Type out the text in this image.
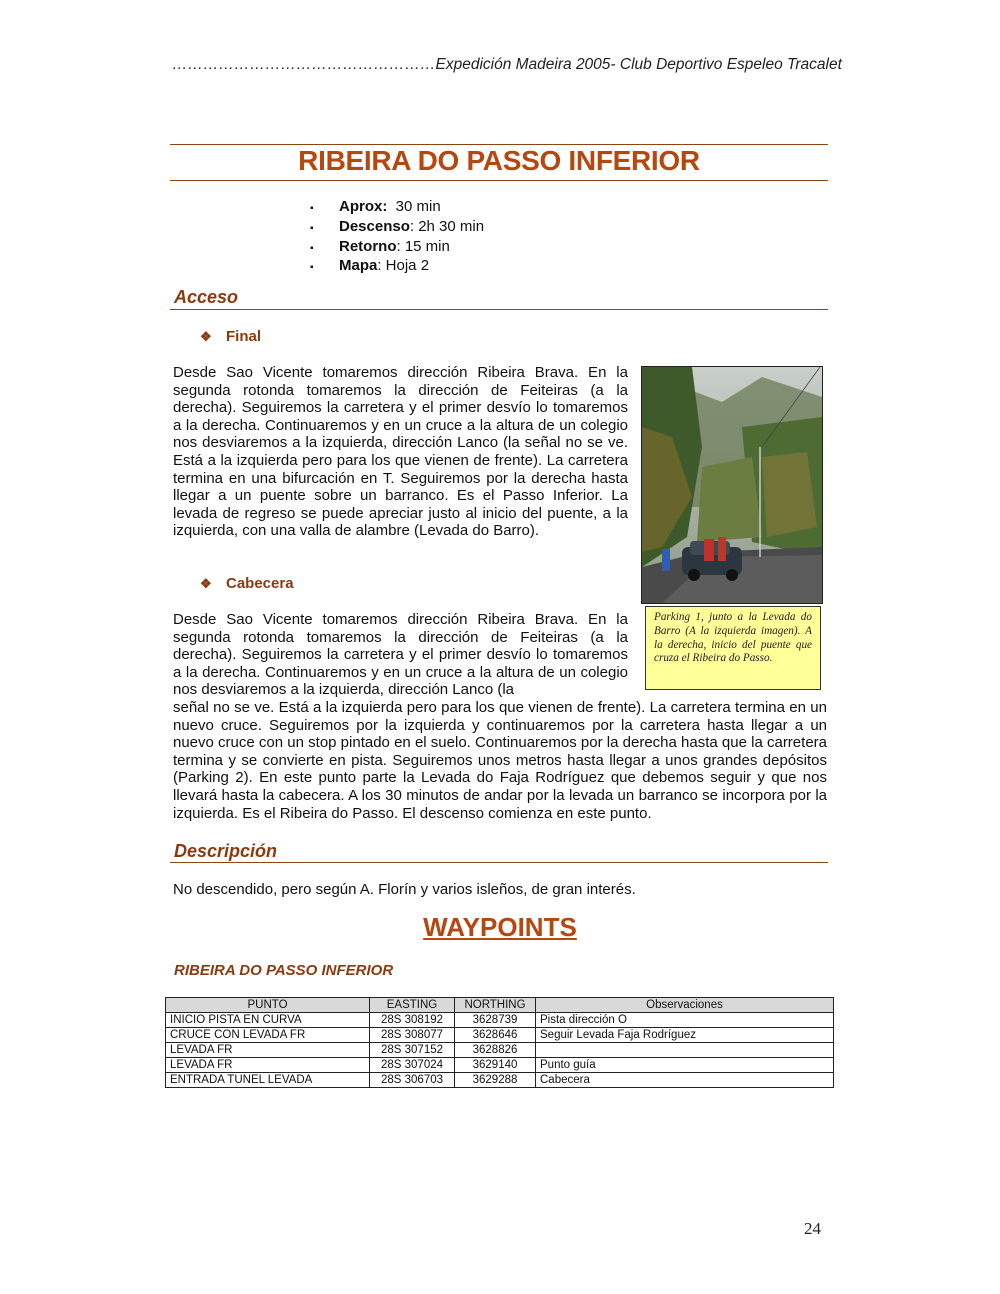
……………………………………………Expedición Madeira 2005- Club Deportivo Espeleo Tracalet
RIBEIRA DO PASSO INFERIOR
▪	Aprox: 30 min
▪	Descenso : 2h 30 min
▪	Retorno : 15 min
▪	Mapa : Hoja 2
Acceso
❖ Final
Desde Sao Vicente tomaremos dirección Ribeira Brava. En la segunda rotonda tomaremos la dirección de Feiteiras (a la derecha). Seguiremos la carretera y el primer desvío lo tomaremos a la derecha. Continuaremos y en un cruce a la altura de un colegio nos desviaremos a la izquierda, dirección Lanco (la señal no se ve. Está a la izquierda pero para los que vienen de frente). La carretera termina en una bifurcación en T. Seguiremos por la derecha hasta llegar a un puente sobre un barranco. Es el Passo Inferior. La levada de regreso se puede apreciar justo al inicio del puente, a la izquierda, con una valla de alambre (Levada do Barro).
Parking 1, junto a la Levada do Barro (A la izquierda imagen). A la derecha, inicio del puente que cruza el Ribeira do Passo.
❖ Cabecera
Desde Sao Vicente tomaremos dirección Ribeira Brava. En la segunda rotonda tomaremos la dirección de Feiteiras (a la derecha). Seguiremos la carretera y el primer desvío lo tomaremos a la derecha. Continuaremos y en un cruce a la altura de un colegio nos desviaremos a la izquierda, dirección Lanco (la
señal no se ve. Está a la izquierda pero para los que vienen de frente). La carretera termina en un nuevo cruce. Seguiremos por la izquierda y continuaremos por la carretera hasta llegar a un nuevo cruce con un stop pintado en el suelo. Continuaremos por la derecha hasta que la carretera termina y se convierte en pista. Seguiremos unos metros hasta llegar a unos grandes depósitos (Parking 2). En este punto parte la Levada do Faja Rodríguez que debemos seguir y que nos llevará hasta la cabecera. A los 30 minutos de andar por la levada un barranco se incorpora por la izquierda. Es el Ribeira do Passo. El descenso comienza en este punto.
Descripción
No descendido, pero según A. Florín y varios isleños, de gran interés.
WAYPOINTS
RIBEIRA DO PASSO INFERIOR
PUNTO	EASTING	NORTHING	Observaciones
INICIO PISTA EN CURVA	28S 308192	3628739	Pista dirección O
CRUCE CON LEVADA FR	28S 308077	3628646	Seguir Levada Faja Rodríguez
LEVADA FR	28S 307152	3628826	
LEVADA FR	28S 307024	3629140	Punto guía
ENTRADA TUNEL LEVADA	28S 306703	3629288	Cabecera
24
